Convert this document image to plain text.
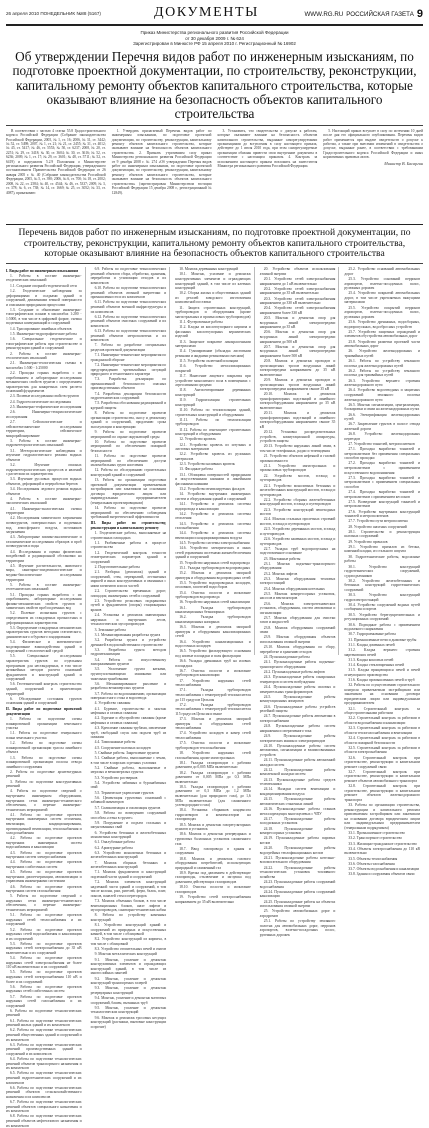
26 апреля 2010 ПОНЕДЕЛЬНИК №88 (5167)	ДОКУМЕНТЫ	WWW.RG.RU РОССИЙСКАЯ ГАЗЕТА 9
Приказ Министерства регионального развития Российской Федерации
от 30 декабря 2009 г. № 624
Зарегистрирован в Минюсте РФ 15 апреля 2010 г. Регистрационный № 16902
Об утверждении Перечня видов работ по инженерным изысканиям, по подготовке проектной документации, по строительству, реконструкции, капитальному ремонту объектов капитального строительства, которые оказывают влияние на безопасность объектов капитального строительства

В соответствии с частью 4 статьи 55.8 Градостроительного кодекса Российской Федерации (Собрание законодательства Российской Федерации, 2005, № 1, ст. 16; 2006, № 31, ст. 3442; № 52, ст. 5498; 2007, № 1, ст. 21; № 21, ст. 2455; № 31, ст. 4012; № 45, ст. 5417; № 46, ст. 5553; № 50, ст. 6237; 2008, № 20, ст. 2251; № 29, ст. 3418; № 30, ст. 3604; № 30, ст. 3616; № 52, ст. 6236; 2009, № 1, ст. 17; № 29, ст. 3601; № 48, ст. 5711; № 52, ст. 6419) и подпунктом 5.2.9 Положения о Министерстве регионального развития Российской Федерации, утвержденного постановлением Правительства Российской Федерации от 26 января 2005 г. № 40 (Собрание законодательства Российской Федерации, 2005, № 5, ст. 390; 2006, № 6, ст. 700; № 18, ст. 2002; 2008, № 22, ст. 2584; № 40, ст. 4544; № 46, ст. 5337; 2009, № 3, ст. 378; № 6, ст. 738; № 14, ст. 1669; № 25, ст. 3052; № 33, ст. 4087), приказываю:

1. Утвердить прилагаемый Перечень видов работ по инженерным изысканиям, по подготовке проектной документации, по строительству, реконструкции, капитальному ремонту объектов капитального строительства, которые оказывают влияние на безопасность объектов капитального строительства. 2. Признать утратившим силу приказ Министерства регионального развития Российской Федерации от 9 декабря 2008 г. № 274 «Об утверждении Перечня видов работ по инженерным изысканиям, по подготовке проектной документации, по строительству, реконструкции, капитальному ремонту объектов капитального строительства, которые оказывают влияние на безопасность объектов капитального строительства» (зарегистрирован Министерством юстиции Российской Федерации 15 декабря 2008 г., регистрационный № 12849).

3. Установить, что свидетельства о допуске к работам, которые оказывают влияние на безопасность объектов капитального строительства, выданные саморегулируемыми организациями до вступления в силу настоящего приказа, действуют до 1 июля 2010 года, при этом саморегулируемые организации обязаны привести свои внутренние документы в соответствие с настоящим приказом. 4. Контроль за исполнением настоящего приказа возложить на заместителя Министра регионального развития Российской Федерации.

5. Настоящий приказ вступает в силу по истечении 10 дней после дня его официального опубликования. Перечень видов работ применяется при выдаче свидетельств о допуске к работам, а также при внесении изменений в свидетельства о допуске, выданные ранее, в соответствии с требованиями Градостроительного кодекса Российской Федерации и иных нормативных правовых актов.

Министр В. Басаргин
Перечень видов работ по инженерным изысканиям, по подготовке проектной документации, по строительству, реконструкции, капитальному ремонту объектов капитального строительства, которые оказывают влияние на безопасность объектов капитального строительства
I. Виды работ по инженерным изысканиям
1. Работы в составе инженерно-геодезических изысканий
1.1. Создание опорной геодезической сети
1.2. Геодезические наблюдения за деформациями и осадками зданий и сооружений, движениями земной поверхности и опасными природными процессами
1.3. Создание и обновление инженерно-топографических планов в масштабах 1:200 - 1:5000, в том числе в цифровой форме, съемка подземных коммуникаций и сооружений
1.4. Трассирование линейных объектов
1.5. Инженерно-гидрографические работы
1.6. Специальные геодезические и топографические работы при строительстве и реконструкции зданий и сооружений
2. Работы в составе инженерно-геологических изысканий
2.1. Инженерно-геологическая съемка в масштабах 1:500 - 1:25000
2.2. Проходка горных выработок с их опробованием и лабораторные исследования механических свойств грунтов с определением характеристик для конкретных схем расчета оснований фундаментов
2.3. Полевые исследования свойств грунтов
2.4. Гидрогеологические исследования
2.5. Инженерно-геофизические исследования
2.6. Инженерно-геокриологические исследования
2.7. Сейсмологические и сейсмотектонические исследования территории, сейсмическое микрорайонирование
3. Работы в составе инженерно-гидрометеорологических изысканий
3.1. Метеорологические наблюдения и изучение гидрологического режима водных объектов
3.2. Изучение опасных гидрометеорологических процессов и явлений с расчетами их характеристик
3.3. Изучение русловых процессов водных объектов, деформаций и переработки берегов
3.4. Исследования ледового режима водных объектов
4. Работы в составе инженерно-экологических изысканий
4.1. Инженерно-экологическая съемка территории
4.2. Исследования химического загрязнения почвогрунтов, поверхностных и подземных вод, атмосферного воздуха, источников загрязнения
4.3. Лабораторные химико-аналитические и газохимические исследования образцов и проб почвогрунтов и воды
4.4. Исследования и оценка физических воздействий и радиационной обстановки на территории
4.5. Изучение растительности, животного мира, санитарно-эпидемиологические и медико-биологические исследования территории
5. Работы в составе инженерно-геотехнических изысканий
5.1. Проходка горных выработок с их опробованием, лабораторные исследования физико-механических свойств грунтов и химических свойств проб подземных вод
5.2. Полевые испытания грунтов с определением их стандартных прочностных и деформационных характеристик
5.3. Определение стандартных механических характеристик грунтов методами статического, динамического и бурового зондирования
5.4. Физическое и математическое моделирование взаимодействия зданий и сооружений с геологической средой
5.5. Специальные исследования характеристик грунтов по отдельным программам для нестандартных, в том числе нелинейных методов расчета оснований фундаментов и конструкций зданий и сооружений
5.6. Геотехнический контроль строительства зданий, сооружений и прилегающих территорий
6. Обследование состояния грунтов основания зданий и сооружений
II. Виды работ по подготовке проектной документации
1. Работы по подготовке схемы планировочной организации земельного участка
1.1. Работы по подготовке генерального плана земельного участка
1.2. Работы по подготовке схемы планировочной организации трассы линейного объекта
1.3. Работы по подготовке схемы планировочной организации полосы отвода линейного сооружения
2. Работы по подготовке архитектурных решений
3. Работы по подготовке конструктивных решений
4. Работы по подготовке сведений о внутреннем инженерном оборудовании, внутренних сетях инженерно-технического обеспечения, о перечне инженерно-технических мероприятий
4.1. Работы по подготовке проектов внутренних инженерных систем отопления, вентиляции, кондиционирования, противодымной вентиляции, теплоснабжения и холодоснабжения
4.2. Работы по подготовке проектов внутренних инженерных систем водоснабжения и канализации
4.3. Работы по подготовке проектов внутренних систем электроснабжения
4.4. Работы по подготовке проектов внутренних слаботочных систем
4.5. Работы по подготовке проектов внутренних диспетчеризации, автоматизации и управления инженерными системами
4.6. Работы по подготовке проектов внутренних систем газоснабжения
5. Работы по подготовке сведений о наружных сетях инженерно-технического обеспечения, о перечне инженерно-технических мероприятий
5.1. Работы по подготовке проектов наружных сетей теплоснабжения и их сооружений
5.2. Работы по подготовке проектов наружных сетей водоснабжения и канализации и их сооружений
5.3. Работы по подготовке проектов наружных сетей электроснабжения до 35 кВ включительно и их сооружений
5.4. Работы по подготовке проектов наружных сетей электроснабжения не более 110 кВ включительно и их сооружений
5.5. Работы по подготовке проектов наружных сетей электроснабжения 110 кВ и более и их сооружений
5.6. Работы по подготовке проектов наружных сетей слаботочных систем
5.7. Работы по подготовке проектов наружных сетей газоснабжения и их сооружений
6. Работы по подготовке технологических решений
6.1. Работы по подготовке технологических решений жилых зданий и их комплексов
6.2. Работы по подготовке технологических решений общественных зданий и сооружений и их комплексов
6.3. Работы по подготовке технологических решений производственных зданий и сооружений и их комплексов
6.4. Работы по подготовке технологических решений объектов транспортного назначения и их комплексов
6.5. Работы по подготовке технологических решений гидротехнических сооружений и их комплексов
6.6. Работы по подготовке технологических решений объектов сельскохозяйственного назначения и их комплексов
6.7. Работы по подготовке технологических решений объектов специального назначения и их комплексов
6.8. Работы по подготовке технологических решений объектов нефтегазового назначения и их комплексов
6.9. Работы по подготовке технологических решений объектов сбора, обработки, хранения, переработки и утилизации отходов и их комплексов
6.10. Работы по подготовке технологических решений объектов атомной энергетики и промышленности и их комплексов
6.11. Работы по подготовке технологических решений объектов военной инфраструктуры и их комплексов
6.12. Работы по подготовке технологических решений объектов очистных сооружений и их комплексов
6.13. Работы по подготовке технологических решений объектов метрополитена и их комплексов
7. Работы по разработке специальных разделов проектной документации
7.1. Инженерно-технические мероприятия по гражданской обороне
7.2. Инженерно-технические мероприятия по предупреждению чрезвычайных ситуаций природного и техногенного характера
7.3. Разработка декларации по промышленной безопасности опасных производственных объектов
7.4. Разработка декларации безопасности гидротехнических сооружений
7.5. Разработка обоснования радиационной и ядерной защиты
8. Работы по подготовке проектов организации строительства, сносу и демонтажу зданий и сооружений, продлению срока эксплуатации и консервации
9. Работы по подготовке проектов мероприятий по охране окружающей среды
10. Работы по подготовке проектов мероприятий по обеспечению пожарной безопасности
11. Работы по подготовке проектов мероприятий по обеспечению доступа маломобильных групп населения
12. Работы по обследованию строительных конструкций зданий и сооружений
13. Работы по организации подготовки проектной документации привлекаемым застройщиком или заказчиком на основании договора юридическим лицом или индивидуальным предпринимателем (генеральным проектировщиком)
14. Работы по подготовке проектов мероприятий по обеспечению соблюдения требований энергетической эффективности
III. Виды работ по строительству, реконструкции и капитальному ремонту
1. Геодезические работы, выполняемые на строительных площадках
1.1. Разбивочные работы в процессе строительства
1.2. Геодезический контроль точности геометрических параметров зданий и сооружений
2. Подготовительные работы
2.1. Разборка (демонтаж) зданий и сооружений, стен, перекрытий, лестничных маршей и иных конструктивных и связанных с ними элементов или их частей
2.2. Строительство временных: дорог; площадок; инженерных сетей и сооружений
2.3. Устройство рельсовых подкрановых путей и фундаментов (опоры) стационарных кранов
2.4. Установка и демонтаж инвентарных наружных и внутренних лесов, технологических мусоропроводов
3. Земляные работы
3.1. Механизированная разработка грунта
3.2. Разработка грунта и устройство дренажей в водохозяйственном строительстве
3.3. Разработка грунта методом гидромеханизации
3.4. Работы по искусственному замораживанию грунтов
3.5. Уплотнение грунта катками, грунтоуплотняющими машинами или тяжелыми трамбовками
3.6. Механизированное рыхление и разработка вечномерзлых грунтов
3.7. Работы по водопонижению, организации поверхностного стока и водоотвода
4. Устройство скважин
4.1. Бурение, строительство и монтаж нефтяных и газовых скважин
4.2. Бурение и обустройство скважин (кроме нефтяных и газовых скважин)
4.3. Крепление скважин трубами, извлечение труб, свободный спуск или подъем труб из скважин
4.4. Тампонажные работы
4.5. Сооружение шахтных колодцев
5. Свайные работы. Закрепление грунтов
5.1. Свайные работы, выполняемые с земли, в том числе в морских и речных условиях
5.2. Свайные работы, выполняемые в мерзлых и вечномерзлых грунтах
5.3. Устройство ростверков
5.4. Устройство забивных и буронабивных свай
5.5. Термическое укрепление грунтов
5.6. Цементация грунтовых оснований с забивкой инъекторов
5.7. Силикатизация и смолизация грунтов
5.8. Работы по возведению сооружений способом «стена в грунте»
5.9. Погружение и подъем стальных и шпунтованных свай
6. Устройство бетонных и железобетонных монолитных конструкций
6.1. Опалубочные работы
6.2. Арматурные работы
6.3. Устройство монолитных бетонных и железобетонных конструкций
7. Монтаж сборных бетонных и железобетонных конструкций
7.1. Монтаж фундаментов и конструкций подземной части зданий и сооружений
7.2. Монтаж элементов конструкций надземной части зданий и сооружений, в том числе колонн, рам, ригелей, ферм, балок, плит, поясов, панелей стен и перегородок
7.3. Монтаж объемных блоков, в том числе вентиляционных блоков, шахт лифтов и мусоропроводов, санитарно-технических кабин
8. Работы по устройству каменных конструкций
8.1. Устройство конструкций зданий и сооружений из природных и искусственных камней, в том числе с облицовкой
8.2. Устройство конструкций из кирпича, в том числе с облицовкой
8.3. Устройство отопительных печей и очагов
9. Монтаж металлических конструкций
9.1. Монтаж, усиление и демонтаж конструктивных элементов и ограждающих конструкций зданий, в том числе из многослойных панелей
9.2. Монтаж, усиление и демонтаж конструкций транспортных галерей
9.3. Монтаж, усиление и демонтаж резервуарных конструкций
9.4. Монтаж, усиление и демонтаж мачтовых сооружений, башен, вытяжных труб
9.5. Монтаж, усиление и демонтаж технологических конструкций
9.6. Монтаж и демонтаж тросовых несущих конструкций (растяжки, вантовые конструкции и прочие)
10. Монтаж деревянных конструкций
10.1. Монтаж, усиление и демонтаж конструктивных элементов и ограждающих конструкций зданий, в том числе из клееных конструкций
10.2. Сборка жилых и общественных зданий из деталей заводского изготовления комплектной поставки
11. Защита строительных конструкций, трубопроводов и оборудования (кроме магистральных и промысловых трубопроводов)
11.1. Футеровочные работы
11.2. Кладка из кислотоупорного кирпича и фасонных кислотоупорных керамических изделий
11.3. Защитное покрытие лакокрасочными материалами
11.4. Гуммирование (обкладка листовыми резинами и жидкими резиновыми смесями)
11.5. Устройство оклеечной изоляции
11.6. Устройство металлизационных покрытий
11.7. Нанесение лицевого покрытия при устройстве монолитного пола в помещениях с агрессивными средами
11.8. Антисептирование деревянных конструкций
11.9. Гидроизоляция строительных конструкций
11.10. Работы по теплоизоляции зданий, строительных конструкций и оборудования
11.11. Работы по теплоизоляции трубопроводов
11.12. Работы по огнезащите строительных конструкций и оборудования
12. Устройство кровель
12.1. Устройство кровель из штучных и листовых материалов
12.2. Устройство кровель из рулонных материалов
12.3. Устройство наливных кровель
13. Фасадные работы
13.1. Облицовка поверхностей природными и искусственными камнями и линейными фасонными камнями
13.2. Устройство вентилируемых фасадов
14. Устройство внутренних инженерных систем и оборудования зданий и сооружений
14.1. Устройство и демонтаж системы водопровода и канализации
14.2. Устройство и демонтаж системы отопления
14.3. Устройство и демонтаж системы газоснабжения
14.4. Устройство и демонтаж системы вентиляции и кондиционирования воздуха
14.5. Устройство системы электроснабжения
14.6. Устройство электрических и иных сетей управления системами жизнеобеспечения зданий и сооружений
15. Устройство наружных сетей водопровода
15.1. Укладка трубопроводов водопроводных
15.2. Монтаж и демонтаж запорной арматуры и оборудования водопроводных сетей
15.3. Устройство водопроводных колодцев, оголовков, гасителей водосборов
15.4. Очистка полости и испытание трубопроводов водопровода
16. Устройство наружных сетей канализации
16.1. Укладка трубопроводов канализационных безнапорных
16.2. Укладка трубопроводов канализационных напорных
16.3. Монтаж и демонтаж запорной арматуры и оборудования канализационных сетей
16.4. Устройство канализационных и водосточных колодцев
16.5. Устройство фильтрующего основания под иловые площадки и поля фильтрации
16.6. Укладка дренажных труб на иловых площадках
16.7. Очистка полости и испытание трубопроводов канализации
17. Устройство наружных сетей теплоснабжения
17.1. Укладка трубопроводов теплоснабжения с температурой теплоносителя до 115 градусов Цельсия
17.2. Укладка трубопроводов теплоснабжения с температурой теплоносителя 115 градусов Цельсия и выше
17.3. Монтаж и демонтаж запорной арматуры и оборудования сетей теплоснабжения
17.4. Устройство колодцев и камер сетей теплоснабжения
17.5. Очистка полости и испытание трубопроводов теплоснабжения
18. Устройство наружных сетей газоснабжения, кроме магистральных
18.1. Укладка газопроводов с рабочим давлением до 0,005 МПа включительно
18.2. Укладка газопроводов с рабочим давлением от 0,005 МПа до 0,3 МПа включительно
18.3. Укладка газопроводов с рабочим давлением от 0,3 МПа до 1,2 МПа включительно (для природного газа), до 1,6 МПа включительно (для сжиженного углеводородного газа)
18.4. Установка сборников конденсата гидрозатворов и компенсаторов на газопроводах
18.5. Монтаж и демонтаж газорегуляторных пунктов и установок
18.6. Монтаж и демонтаж резервуарных и групповых баллонных установок сжиженного газа
18.7. Ввод газопровода в здания и сооружения
18.8. Монтаж и демонтаж газового оборудования потребителей, использующих природный и сжиженный газ
18.9. Врезка под давлением в действующие газопроводы, отключение и заглушка под давлением действующих газопроводов
18.10. Очистка полости и испытание газопроводов
19. Устройство сетей электроснабжения напряжением до 35 кВ включительно
20. Устройство объектов использования атомной энергии
20.1. Устройство сетей электроснабжения напряжением до 1 кВ включительно
20.2. Устройство сетей электроснабжения напряжением до 35 кВ включительно
20.3. Устройство сетей электроснабжения напряжением до 330 кВ включительно
20.4. Устройство сетей электроснабжения напряжением более 330 кВ
20.5. Монтаж и демонтаж опор для воздушных линий электропередачи напряжением до 35 кВ
20.6. Монтаж и демонтаж опор для воздушных линий электропередачи напряжением до 500 кВ
20.7. Монтаж и демонтаж опор для воздушных линий электропередачи напряжением более 500 кВ
20.8. Монтаж и демонтаж проводов и грозозащитных тросов воздушных линий электропередачи напряжением до 35 кВ включительно
20.9. Монтаж и демонтаж проводов и грозозащитных тросов воздушных линий электропередачи напряжением свыше 35 кВ
20.10. Монтаж и демонтаж трансформаторных подстанций и линейного электрооборудования напряжением до 35 кВ включительно
20.11. Монтаж и демонтаж трансформаторных подстанций и линейного электрооборудования напряжением свыше 35 кВ
20.12. Установка распределительных устройств, коммутационной аппаратуры, устройств защиты
20.13. Устройство наружных линий связи, в том числе телефонных, радио и телевидения
21. Устройство объектов нефтяной и газовой промышленности
21.1. Устройство магистральных и промысловых трубопроводов
22. Устройство мостов, эстакад и путепроводов
22.1. Устройство монолитных бетонных и железобетонных конструкций мостов, эстакад и путепроводов
22.2. Устройство сборных железобетонных конструкций мостов, эстакад и путепроводов
22.3. Устройство конструкций пешеходных мостов
22.4. Монтаж стальных пролетных строений мостов, эстакад и путепроводов
22.5. Устройство деревянных мостов, эстакад и путепроводов
22.6. Устройство каменных мостов, эстакад и путепроводов
22.7. Укладка труб водопропускных на подготовленное основание
23. Монтажные работы
23.1. Монтаж подъемно-транспортного оборудования
23.2. Монтаж лифтов
23.3. Монтаж оборудования тепловых электростанций
23.4. Монтаж оборудования котельных
23.5. Монтаж компрессорных установок, насосов и вентиляторов
23.6. Монтаж электротехнических установок, оборудования, систем автоматики и сигнализации
23.7. Монтаж оборудования для очистки газов и жидкостей
23.8. Монтаж оборудования сооружений связи
23.9. Монтаж оборудования объектов использования атомной энергии
23.10. Монтаж оборудования по сбору, переработке и хранению отходов
24. Пусконаладочные работы
24.1. Пусконаладочные работы подъемно-транспортного оборудования
24.2. Пусконаладочные работы лифтов
24.3. Пусконаладочные работы синхронных генераторов и систем возбуждения
24.4. Пусконаладочные работы силовых и измерительных трансформаторов
24.5. Пусконаладочные работы коммутационных аппаратов
24.6. Пусконаладочные работы устройств релейной защиты
24.7. Пусконаладочные работы автоматики в электроснабжении
24.8. Пусконаладочные работы систем напряжения и оперативного тока
24.9. Пусконаладочные работы электрических машин и электроприводов
24.10. Пусконаладочные работы систем автоматики, сигнализации и взаимосвязанных устройств
24.11. Пусконаладочные работы автономной наладки систем
24.12. Пусконаладочные работы комплексной наладки систем
24.13. Пусконаладочные работы средств телемеханики
24.14. Наладки систем вентиляции и кондиционирования воздуха
24.15. Пусконаладочные работы автоматических станочных линий
24.16. Пусконаладочные работы станков металлорежущих многоцелевых с ЧПУ
24.17. Пусконаладочные работы холодильных установок
24.18. Пусконаладочные работы компрессорных установок
24.19. Пусконаладочные работы паровых котлов
24.20. Пусконаладочные работы водогрейных теплофикационных котлов
24.21. Пусконаладочные работы котельно-вспомогательного оборудования
24.22. Пусконаладочные работы технологических установок топливного хозяйства
24.23. Пусконаладочные работы сооружений водоснабжения
24.24. Пусконаладочные работы сооружений канализации
24.25. Пусконаладочные работы на объектах использования атомной энергии
25. Устройство автомобильных дорог и аэродромов
25.1. Работы по устройству земляного полотна для автомобильных дорог, перронов аэропортов, взлетно-посадочных полос, рулежных дорожек
25.2. Устройство оснований автомобильных дорог
25.3. Устройство оснований перронов аэропортов, взлетно-посадочных полос, рулежных дорожек
25.4. Устройство покрытий автомобильных дорог, в том числе укрепляемых вяжущими материалами
25.5. Устройство покрытий перронов аэропортов, взлетно-посадочных полос, рулежных дорожек
25.6. Устройство дренажных, водосборных, водопропускных, водосбросных устройств
25.7. Устройство защитных ограждений и элементов обустройства автомобильных дорог
25.8. Устройство разметки проезжей части автомобильных дорог
26. Устройство железнодорожных и трамвайных путей
26.1. Работы по устройству земляного полотна для железнодорожных путей
26.2. Работы по устройству земляного полотна для трамвайных путей
26.3. Устройство верхнего строения железнодорожного пути
26.4. Устройство водоотводных и защитных сооружений земляного полотна железнодорожного пути
26.5. Монтаж сигнализации, централизации, блокировки и связи на железнодорожных путях
26.6. Электрификация железнодорожных путей
26.7. Закрепление грунтов в полосе отвода железной дороги
26.8. Устройство железнодорожных переездов
27. Устройство тоннелей, метрополитенов
27.1. Проходка выработки тоннелей и метрополитенов без применения специальных способов проходки
27.2. Проходка выработки тоннелей и метрополитенов с применением искусственного водопонижения
27.3. Проходка выработки тоннелей и метрополитенов с применением специальных способов
27.4. Проходка выработки тоннелей и метрополитенов с применением кессонов
27.5. Возведение конструкций тоннелей и метрополитенов
27.6. Устройство внутренних конструкций тоннелей и метрополитенов
27.7. Устройство пути метрополитена
28. Устройство шахтных сооружений
28.1. Строительство и реконструкция шахтных сооружений
29. Устройство причалов
29.1. Устройство причалов из бетона, каменной кладки, из стального шпунта
30. Гидротехнические работы, водолазные работы
30.1. Устройство конструкций гидротехнических сооружений, судоподъемников
30.2. Устройство железобетонных и бетонных конструкций гидротехнических сооружений
30.3. Устройство конструкций гидроэлектростанций
30.4. Устройство сооружений водных путей сообщения и портов
30.5. Устройство берегоукрепительных и регуляционных сооружений
30.6. Подводные работы с применением водолазного снаряжения
30.7. Гидроразмывные работы
31. Промышленные печи и дымовые трубы
31.1. Кладка доменных печей
31.2. Кладка верхнего строения мартеновских печей
31.3. Кладка коксовых печей
31.4. Кладка стекловаренных печей
31.5. Кладка вращающихся печей и печей огнеупорного производства
31.6. Кладка промышленных печей и труб
32. Работы по осуществлению строительного контроля привлекаемым застройщиком или заказчиком на основании договора юридическим лицом или индивидуальным предпринимателем
32.1. Строительный контроль за общестроительными работами
32.2. Строительный контроль за работами в области водоснабжения и канализации
32.3. Строительный контроль за работами в области теплогазоснабжения и вентиляции
32.4. Строительный контроль за работами в области пожарной безопасности
32.5. Строительный контроль за работами в области электроснабжения
32.6. Строительный контроль при строительстве, реконструкции и капитальном ремонте сооружений связи
32.7. Строительный контроль при строительстве, реконструкции и капитальном ремонте объектов автомобильного транспорта
32.8. Строительный контроль при строительстве, реконструкции и капитальном ремонте объектов железнодорожного транспорта
33. Работы по организации строительства, реконструкции и капитального ремонта привлекаемым застройщиком или заказчиком на основании договора юридическим лицом или индивидуальным предпринимателем (генеральным подрядчиком)
33.1. Промышленное строительство
33.2. Транспортное строительство
33.3. Жилищно-гражданское строительство
33.4. Объекты электроснабжения до 110 кВ включительно
33.5. Объекты теплоснабжения
33.6. Объекты газоснабжения
33.7. Объекты водоснабжения и канализации
33.8. Здания и сооружения объектов связи
